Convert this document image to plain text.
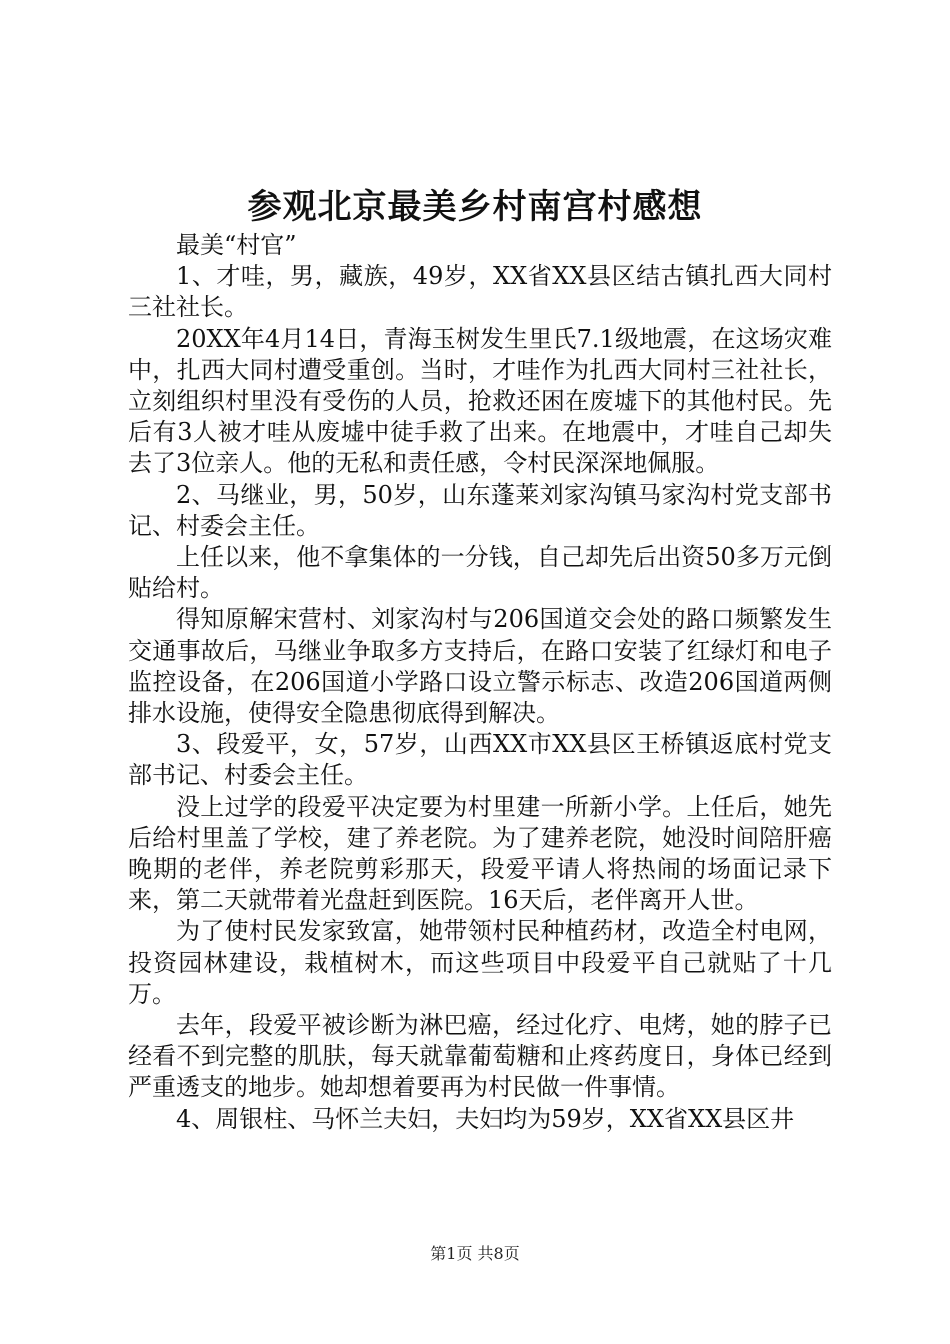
参观北京最美乡村南宫村感想

最美“村官”

1、才哇，男，藏族，49岁，XX省XX县区结古镇扎西大同村三社社长。

20XX年4月14日，青海玉树发生里氏7.1级地震，在这场灾难中，扎西大同村遭受重创。当时，才哇作为扎西大同村三社社长，立刻组织村里没有受伤的人员，抢救还困在废墟下的其他村民。先后有3人被才哇从废墟中徒手救了出来。在地震中，才哇自己却失去了3位亲人。他的无私和责任感，令村民深深地佩服。

2、马继业，男，50岁，山东蓬莱刘家沟镇马家沟村党支部书记、村委会主任。

上任以来，他不拿集体的一分钱，自己却先后出资50多万元倒贴给村。

得知原解宋营村、刘家沟村与206国道交会处的路口频繁发生交通事故后，马继业争取多方支持后，在路口安装了红绿灯和电子监控设备，在206国道小学路口设立警示标志、改造206国道两侧排水设施，使得安全隐患彻底得到解决。

3、段爱平，女，57岁，山西XX市XX县区王桥镇返底村党支部书记、村委会主任。

没上过学的段爱平决定要为村里建一所新小学。上任后，她先后给村里盖了学校，建了养老院。为了建养老院，她没时间陪肝癌晚期的老伴，养老院剪彩那天，段爱平请人将热闹的场面记录下来，第二天就带着光盘赶到医院。16天后，老伴离开人世。

为了使村民发家致富，她带领村民种植药材，改造全村电网，投资园林建设，栽植树木，而这些项目中段爱平自己就贴了十几万。

去年，段爱平被诊断为淋巴癌，经过化疗、电烤，她的脖子已经看不到完整的肌肤，每天就靠葡萄糖和止疼药度日，身体已经到严重透支的地步。她却想着要再为村民做一件事情。

4、周银柱、马怀兰夫妇，夫妇均为59岁，XX省XX县区井

第1页 共8页
